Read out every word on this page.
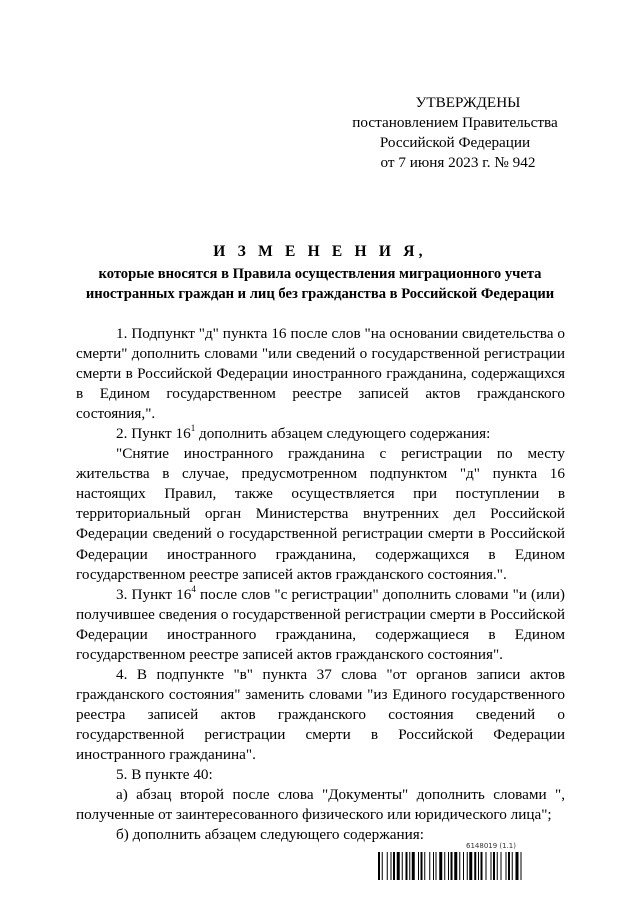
УТВЕРЖДЕНЫ
постановлением Правительства
Российской Федерации
от 7 июня 2023 г. № 942
И З М Е Н Е Н И Я,
которые вносятся в Правила осуществления миграционного учета
иностранных граждан и лиц без гражданства в Российской Федерации

1. Подпункт "д" пункта 16 после слов "на основании свидетельства о смерти" дополнить словами "или сведений о государственной регистрации смерти в Российской Федерации иностранного гражданина, содержащихся в Едином государственном реестре записей актов гражданского состояния,".

2. Пункт $16^1$ дополнить абзацем следующего содержания:

"Снятие иностранного гражданина с регистрации по месту жительства в случае, предусмотренном подпунктом "д" пункта 16 настоящих Правил, также осуществляется при поступлении в территориальный орган Министерства внутренних дел Российской Федерации сведений о государственной регистрации смерти в Российской Федерации иностранного гражданина, содержащихся в Едином государственном реестре записей актов гражданского состояния.".

3. Пункт $16^4$ после слов "с регистрации" дополнить словами "и (или) получившее сведения о государственной регистрации смерти в Российской Федерации иностранного гражданина, содержащиеся в Едином государственном реестре записей актов гражданского состояния".

4. В подпункте "в" пункта 37 слова "от органов записи актов гражданского состояния" заменить словами "из Единого государственного реестра записей актов гражданского состояния сведений о государственной регистрации смерти в Российской Федерации иностранного гражданина".

5. В пункте 40:

а) абзац второй после слова "Документы" дополнить словами ", полученные от заинтересованного физического или юридического лица";

б) дополнить абзацем следующего содержания:

6148019 (1.1)
